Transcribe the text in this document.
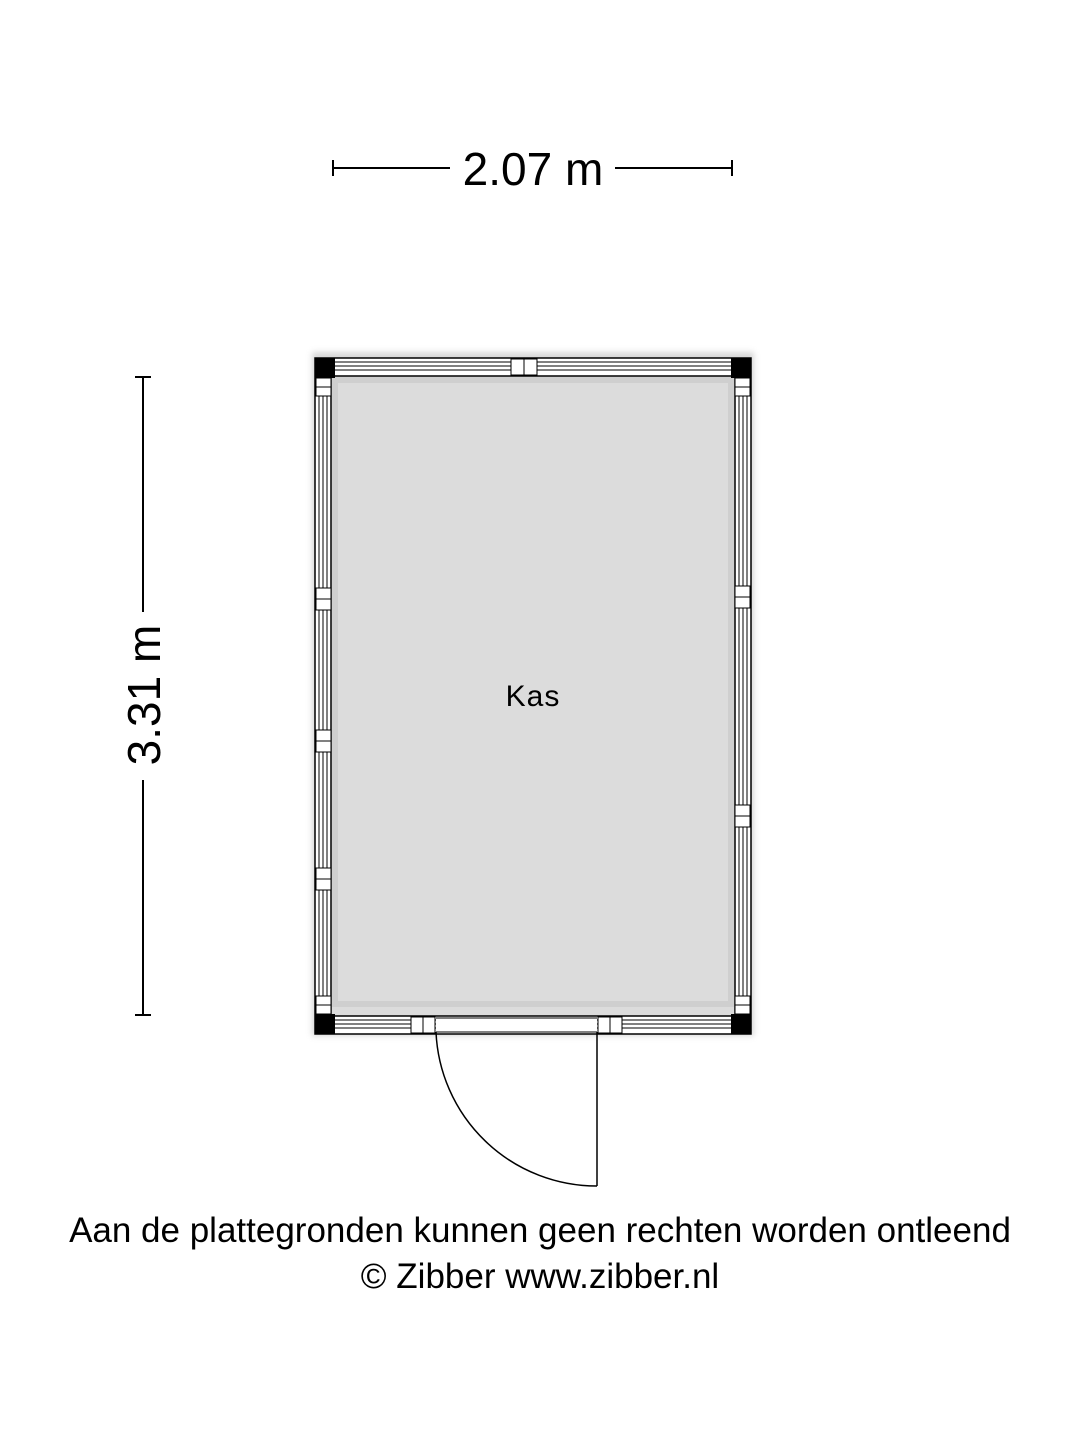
2.07 m
3.31 m	Kas
Aan de plattegronden kunnen geen rechten worden ontleend
© Zibber www.zibber.nl
